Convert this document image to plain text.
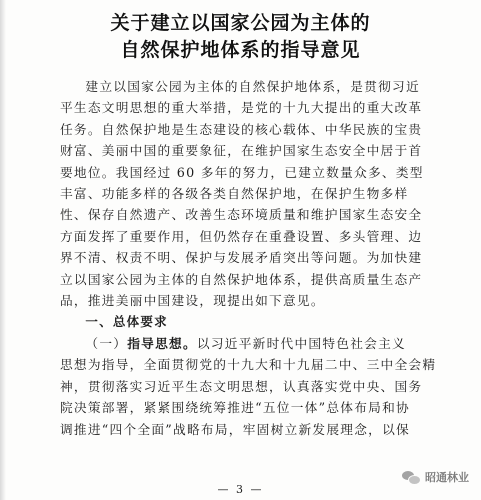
关于建立以国家公园为主体的
自然保护地体系的指导意见

建立以国家公园为主体的自然保护地体系，是贯彻习近

平生态文明思想的重大举措，是党的十九大提出的重大改革

任务。自然保护地是生态建设的核心载体、中华民族的宝贵

财富、美丽中国的重要象征，在维护国家生态安全中居于首

要地位。我国经过 60 多年的努力，已建立数量众多、类型

丰富、功能多样的各级各类自然保护地，在保护生物多样

性、保存自然遗产、改善生态环境质量和维护国家生态安全

方面发挥了重要作用，但仍然存在重叠设置、多头管理、边

界不清、权责不明、保护与发展矛盾突出等问题。为加快建

立以国家公园为主体的自然保护地体系，提供高质量生态产

品，推进美丽中国建设，现提出如下意见。

一、总体要求

（一）指导思想。以习近平新时代中国特色社会主义

思想为指导，全面贯彻党的十九大和十九届二中、三中全会精

神，贯彻落实习近平生态文明思想，认真落实党中央、国务

院决策部署，紧紧围绕统筹推进“五位一体”总体布局和协

调推进“四个全面”战略布局，牢固树立新发展理念，以保

昭通林业
— 3 —
